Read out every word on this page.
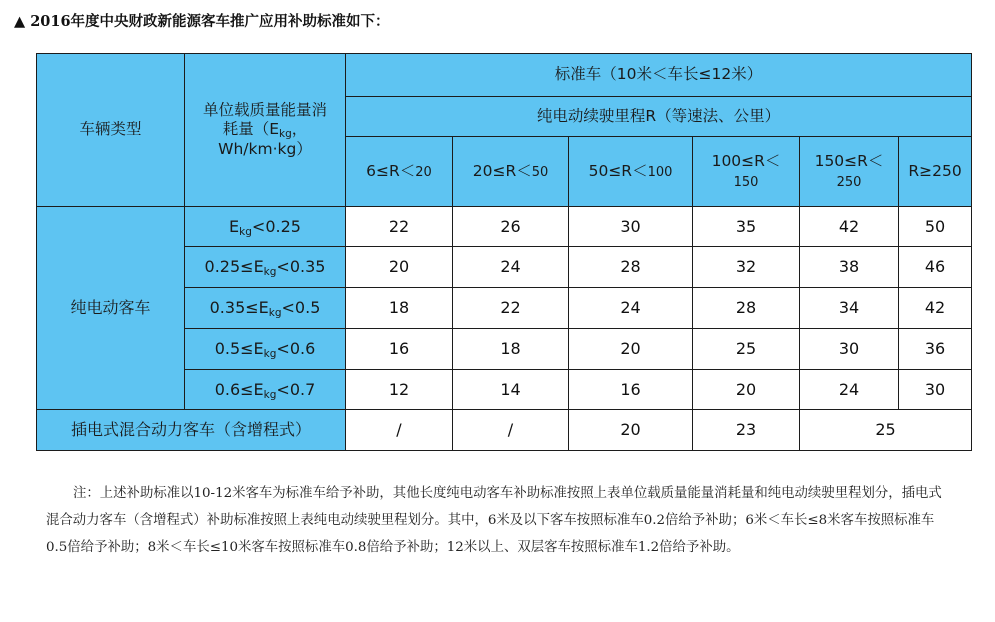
▲ 2016年度中央财政新能源客车推广应用补助标准如下：
车辆类型	单位载质量能量消
耗量（Ekg，
Wh/km·kg）	标准车（10米＜车长≤12米）					
		纯电动续驶里程R（等速法、公里）					
		6≤R＜20	20≤R＜50	50≤R＜100	100≤R＜
150	150≤R＜
250	R≥250
纯电动客车	Ekg<0.25	22	26	30	35	42	50
	0.25≤Ekg<0.35	20	24	28	32	38	46
	0.35≤Ekg<0.5	18	22	24	28	34	42
	0.5≤Ekg<0.6	16	18	20	25	30	36
	0.6≤Ekg<0.7	12	14	16	20	24	30
插电式混合动力客车（含增程式）		/	/	20	23	25	
注：上述补助标准以10-12米客车为标准车给予补助，其他长度纯电动客车补助标准按照上表单位载质量能量消耗量和纯电动续驶里程划分，插电式混合动力客车（含增程式）补助标准按照上表纯电动续驶里程划分。其中，6米及以下客车按照标准车0.2倍给予补助；6米＜车长≤8米客车按照标准车0.5倍给予补助；8米＜车长≤10米客车按照标准车0.8倍给予补助；12米以上、双层客车按照标准车1.2倍给予补助。
